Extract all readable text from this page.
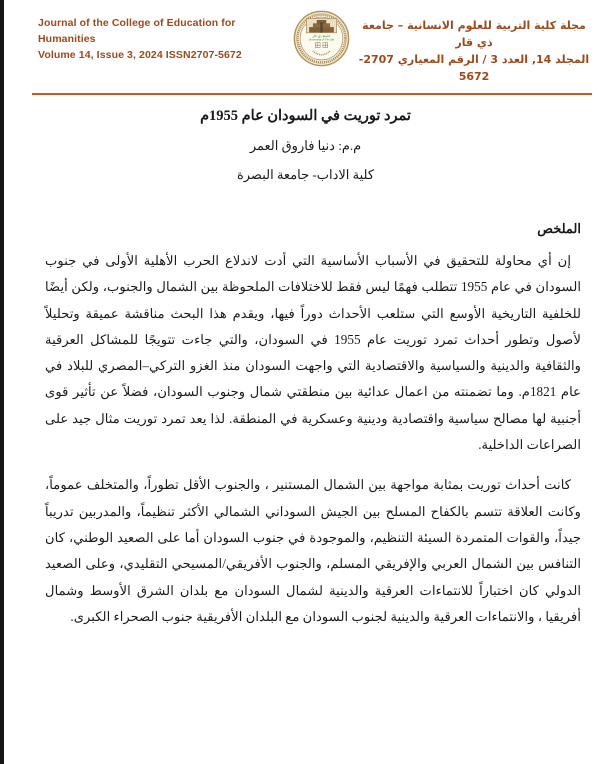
Journal of the College of Education for Humanities
Volume 14, Issue 3, 2024 ISSN2707-5672
جامعة ذي قار
University of Thi-Qar
مجلة كلية التربية للعلوم الانسانية – جامعة ذي قار
المجلد 14, العدد 3 / الرقم المعياري 2707-5672
تمرد توريت في السودان عام 1955م
م.م: دنيا فاروق العمر
كلية الاداب- جامعة البصرة
الملخص

إن أي محاولة للتحقيق في الأسباب الأساسية التي أدت لاندلاع الحرب الأهلية الأولى في جنوب السودان في عام 1955 تتطلب فهمًا ليس فقط للاختلافات الملحوظة بين الشمال والجنوب، ولكن أيضًا للخلفية التاريخية الأوسع التي ستلعب الأحداث دوراً فيها، ويقدم هذا البحث مناقشة عميقة وتحليلاً لأصول وتطور أحداث تمرد توريت عام 1955 في السودان، والتي جاءت تتويجًا للمشاكل العرقية والثقافية والدينية والسياسية والاقتصادية التي واجهت السودان منذ الغزو التركي–المصري للبلاد في عام 1821م. وما تضمنته من اعمال عدائية بين منطقتي شمال وجنوب السودان، فضلاً عن تأثير قوى أجنبية لها مصالح سياسية واقتصادية ودينية وعسكرية في المنطقة. لذا يعد تمرد توريت مثال جيد على الصراعات الداخلية.

كانت أحداث توريت بمثابة مواجهة بين الشمال المستنير ، والجنوب الأقل تطوراً، والمتخلف عموماً، وكانت العلاقة تتسم بالكفاح المسلح بين الجيش السوداني الشمالي الأكثر تنظيماً، والمدربين تدريباً جيداً، والقوات المتمردة السيئة التنظيم، والموجودة في جنوب السودان أما على الصعيد الوطني، كان التنافس بين الشمال العربي والإفريقي المسلم، والجنوب الأفريقي/المسيحي التقليدي، وعلى الصعيد الدولي كان اختباراً للانتماءات العرقية والدينية لشمال السودان مع بلدان الشرق الأوسط وشمال أفريقيا ، والانتماءات العرقية والدينية لجنوب السودان مع البلدان الأفريقية جنوب الصحراء الكبرى.
